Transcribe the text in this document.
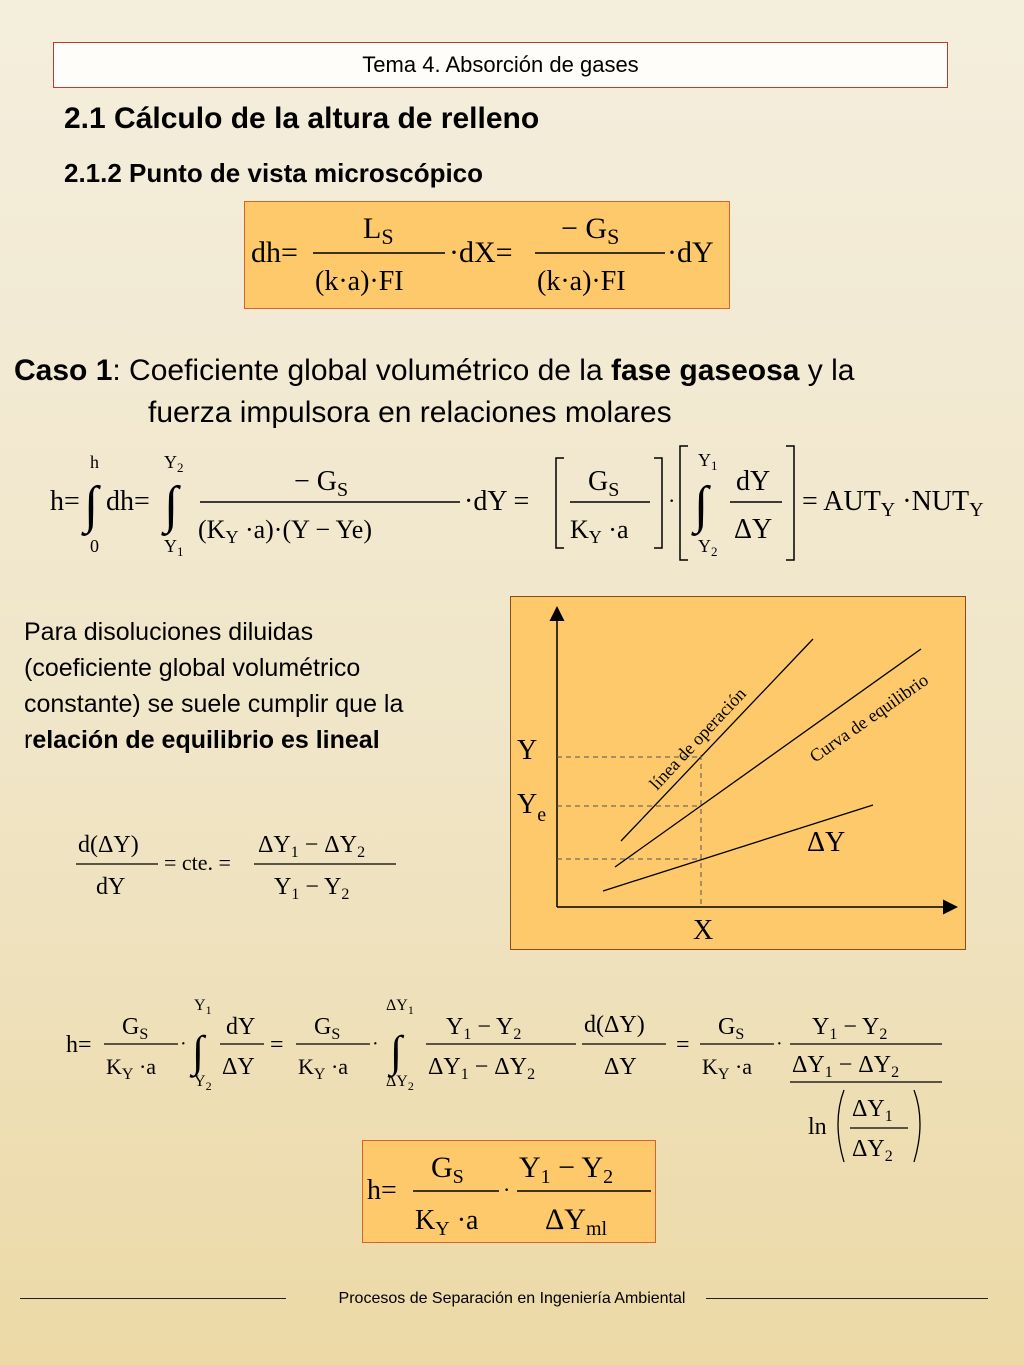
Tema 4. Absorción de gases
2.1 Cálculo de la altura de relleno
2.1.2 Punto de vista microscópico
dh=
$L_S$
(k·a)·FI
·dX=
− $G_S$
(k·a)·FI
·dY
Caso 1: Coeficiente global volumétrico de la fase gaseosa y la
fuerza impulsora en relaciones molares
h= ∫
h
0
dh= ∫
$Y_2$
$Y_1$
− $G_S$
(KY ·a)·(Y − Ye)
·dY =
$G_S$
KY ·a
· ∫
$Y_1$
$Y_2$
dY
ΔY
= $AUT_Y \cdot NUT_Y$
Para disoluciones diluidas
(coeficiente global volumétrico
constante) se suele cumplir que la
relación de equilibrio es lineal	Y
$Y_e$
X
ΔY
línea de operación	Curva de equilibrio
d(ΔY)
dY
= cte. =
$\Delta Y_1 - \Delta Y_2$
$Y_1 - Y_2$
h=
$G_S$
$K_Y \cdot a$
· ∫
$Y_1$
$Y_2$
dY
ΔY
=
$G_S$
$K_Y \cdot a$
· ∫
$\Delta Y_1$
$\Delta Y_2$
$Y_1 - Y_2$
$\Delta Y_1 - \Delta Y_2$
d(ΔY)
ΔY
=
$G_S$
$K_Y \cdot a$
·
$Y_1 - Y_2$
$\Delta Y_1 - \Delta Y_2$
ln
$\Delta Y_1$
$\Delta Y_2$
h=
$G_S$
$K_Y \cdot a$
·
$Y_1 - Y_2$
$\Delta Y_{ml}$
Procesos de Separación en Ingeniería Ambiental
